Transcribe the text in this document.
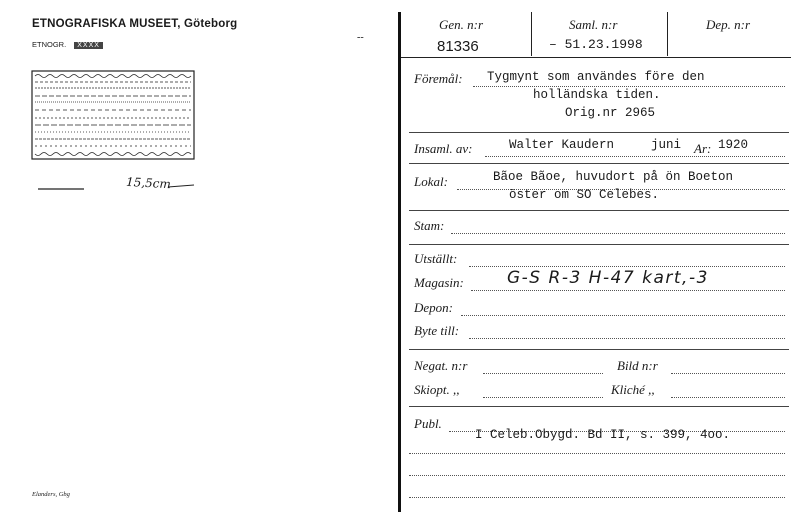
ETNOGRAFISKA MUSEET, Göteborg
ETNOGR. XXXX
--
15,5cm
Elanders, Gbg
Gen. n:r
81336
Saml. n:r
– 51.23.1998
Dep. n:r
Föremål: Tygmynt som användes före den
holländska tiden.
Orig.nr 2965
Insaml. av:	Walter Kaudern	juni Ar: 1920
Lokal:	Bãoe Bãoe, huvudort på ön Boeton
öster om SO Celebes.
Stam:
Utställt:
Magasin:	G-S R-3 H-47 kart,-3
Depon:
Byte till:
Negat. n:r	Bild n:r
Skiopt. ,,	Kliché ,,
Publ.
I Celeb.Obygd. Bd II, s. 399, 4oo.
